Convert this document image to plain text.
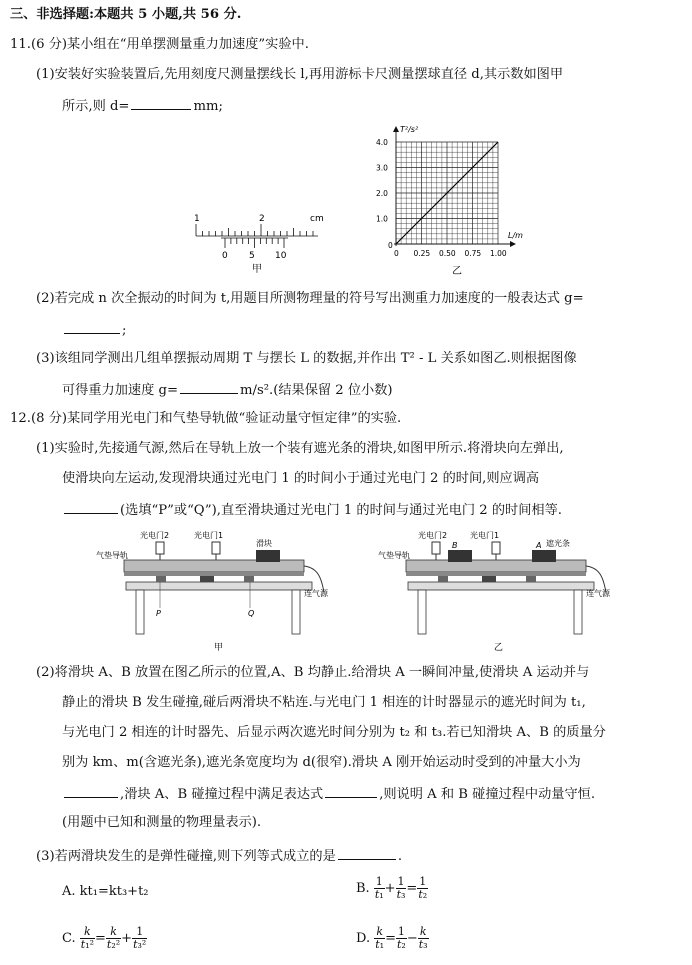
三、非选择题:本题共 5 小题,共 56 分.
11.(6 分)某小组在“用单摆测量重力加速度”实验中.
(1)安装好实验装置后,先用刻度尺测量摆线长 l,再用游标卡尺测量摆球直径 d,其示数如图甲
所示,则 d=	mm;
1	2	cm
0 5 10
甲
0 0.25 0.50 0.75 1.00
1.0
2.0
3.0
4.0
0
T²/s²
L/m
乙
(2)若完成 n 次全振动的时间为 t,用题目所测物理量的符号写出测重力加速度的一般表达式 g=
;
(3)该组同学测出几组单摆振动周期 T 与摆长 L 的数据,并作出 T² - L 关系如图乙.则根据图像
可得重力加速度 g=	m/s².(结果保留 2 位小数)
12.(8 分)某同学用光电门和气垫导轨做“验证动量守恒定律”的实验.
(1)实验时,先接通气源,然后在导轨上放一个装有遮光条的滑块,如图甲所示.将滑块向左弹出,
使滑块向左运动,发现滑块通过光电门 1 的时间小于通过光电门 2 的时间,则应调高
(选填“P”或“Q”),直至滑块通过光电门 1 的时间与通过光电门 2 的时间相等.
光电门2	光电门1
滑块
气垫导轨
P	Q
连气源
甲
光电门2	光电门1
遮光条
气垫导轨
B	A
连气源
乙
(2)将滑块 A、B 放置在图乙所示的位置,A、B 均静止.给滑块 A 一瞬间冲量,使滑块 A 运动并与
静止的滑块 B 发生碰撞,碰后两滑块不粘连.与光电门 1 相连的计时器显示的遮光时间为 t₁,
与光电门 2 相连的计时器先、后显示两次遮光时间分别为 t₂ 和 t₃.若已知滑块 A、B 的质量分
别为 km、m(含遮光条),遮光条宽度均为 d(很窄).滑块 A 刚开始运动时受到的冲量大小为
,滑块 A、B 碰撞过程中满足表达式	,则说明 A 和 B 碰撞过程中动量守恒.
(用题中已知和测量的物理量表示).
(3)若两滑块发生的是弹性碰撞,则下列等式成立的是	.
A. kt₁=kt₃+t₂	B. $\frac{1}{\text{t₁}} + \frac{1}{\text{t₃}} = \frac{1}{\text{t₂}}$
C. $\frac{k}{\text{t₁²}} = \frac{k}{\text{t₂²}} + \frac{1}{\text{t₃²}}$	D. $\frac{k}{\text{t₁}} = \frac{1}{\text{t₂}} - \frac{k}{\text{t₃}}$
